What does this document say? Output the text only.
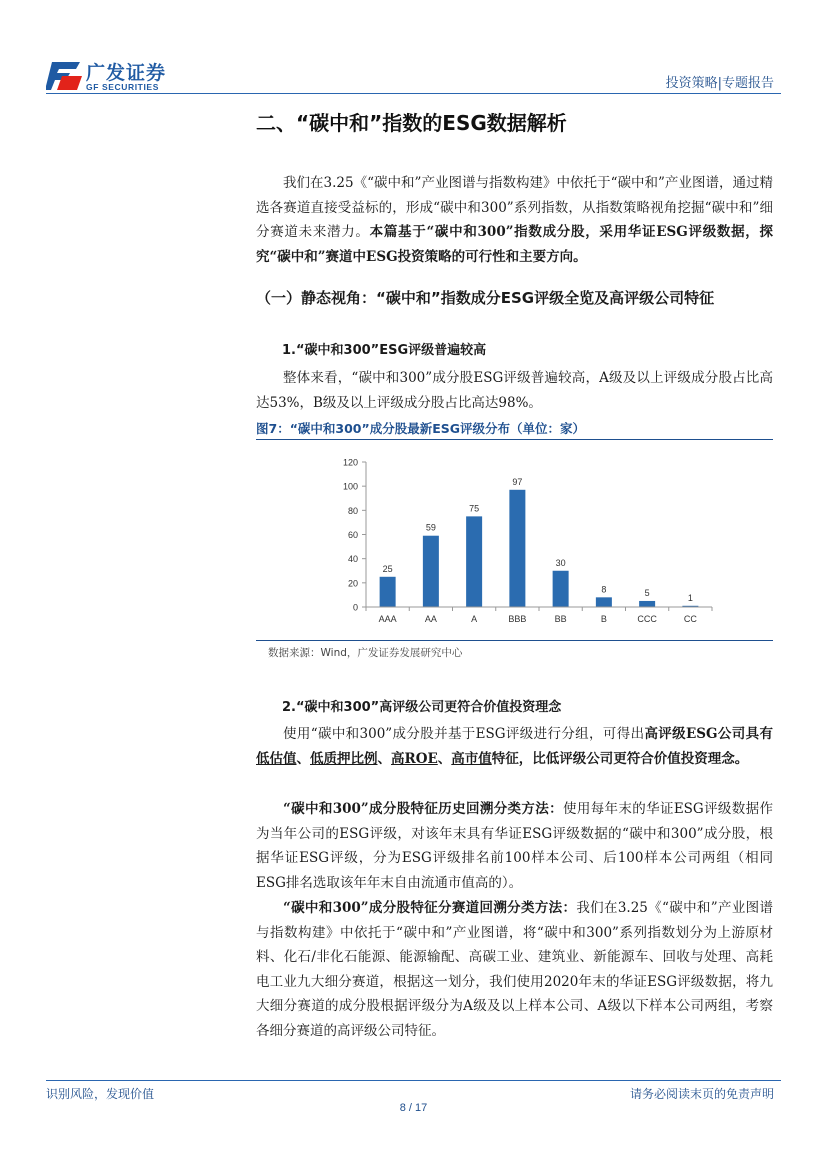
广发证券
GF SECURITIES	投资策略|专题报告
二、“碳中和”指数的ESG数据解析
我们在3.25《“碳中和”产业图谱与指数构建》中依托于“碳中和”产业图谱，通过精选各赛道直接受益标的，形成“碳中和300”系列指数，从指数策略视角挖掘“碳中和”细分赛道未来潜力。本篇基于“碳中和300”指数成分股，采用华证ESG评级数据，探究“碳中和”赛道中ESG投资策略的可行性和主要方向。
（一）静态视角：“碳中和”指数成分ESG评级全览及高评级公司特征
1.“碳中和300”ESG评级普遍较高
整体来看，“碳中和300”成分股ESG评级普遍较高，A级及以上评级成分股占比高达53%，B级及以上评级成分股占比高达98%。
图7：“碳中和300”成分股最新ESG评级分布（单位：家）
0
20
40
60
80
100
120
25
59
75
97
30
8	5	1
AAA	AA	A	BBB	BB	B	CCC	CC
数据来源：Wind，广发证券发展研究中心
2.“碳中和300”高评级公司更符合价值投资理念
使用“碳中和300”成分股并基于ESG评级进行分组，可得出高评级ESG公司具有低估值、低质押比例、高ROE、高市值特征，比低评级公司更符合价值投资理念。
“碳中和300”成分股特征历史回溯分类方法：使用每年末的华证ESG评级数据作为当年公司的ESG评级，对该年末具有华证ESG评级数据的“碳中和300”成分股，根据华证ESG评级，分为ESG评级排名前100样本公司、后100样本公司两组（相同ESG排名选取该年年末自由流通市值高的）。
“碳中和300”成分股特征分赛道回溯分类方法：我们在3.25《“碳中和”产业图谱与指数构建》中依托于“碳中和”产业图谱，将“碳中和300”系列指数划分为上游原材料、化石/非化石能源、能源输配、高碳工业、建筑业、新能源车、回收与处理、高耗电工业九大细分赛道，根据这一划分，我们使用2020年末的华证ESG评级数据，将九大细分赛道的成分股根据评级分为A级及以上样本公司、A级以下样本公司两组，考察各细分赛道的高评级公司特征。
识别风险，发现价值	请务必阅读末页的免责声明
8 / 17
